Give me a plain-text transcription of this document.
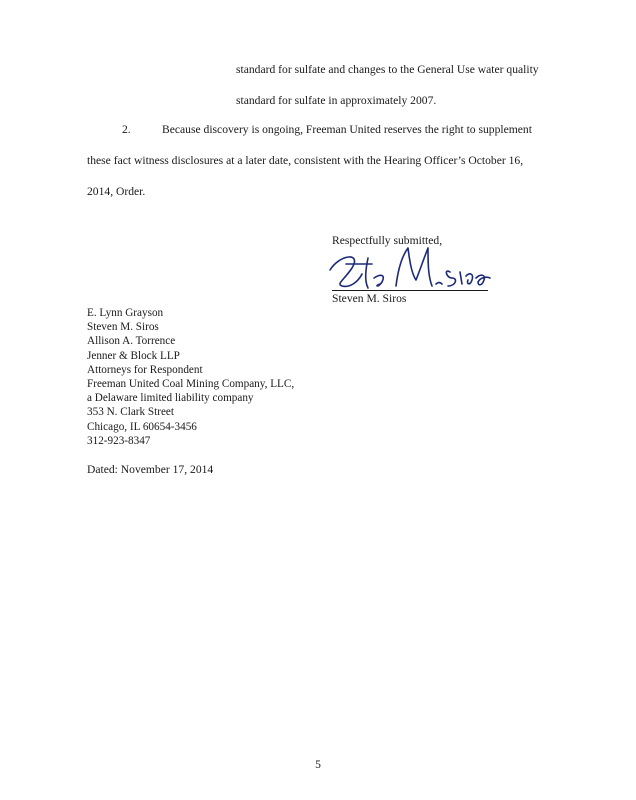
standard for sulfate and changes to the General Use water quality
standard for sulfate in approximately 2007.
2.	Because discovery is ongoing, Freeman United reserves the right to supplement
these fact witness disclosures at a later date, consistent with the Hearing Officer’s October 16,
2014, Order.
Respectfully submitted,
Steven M. Siros
E. Lynn Grayson
Steven M. Siros
Allison A. Torrence
Jenner & Block LLP
Attorneys for Respondent
Freeman United Coal Mining Company, LLC,
a Delaware limited liability company
353 N. Clark Street
Chicago, IL 60654-3456
312-923-8347
Dated: November 17, 2014
5
